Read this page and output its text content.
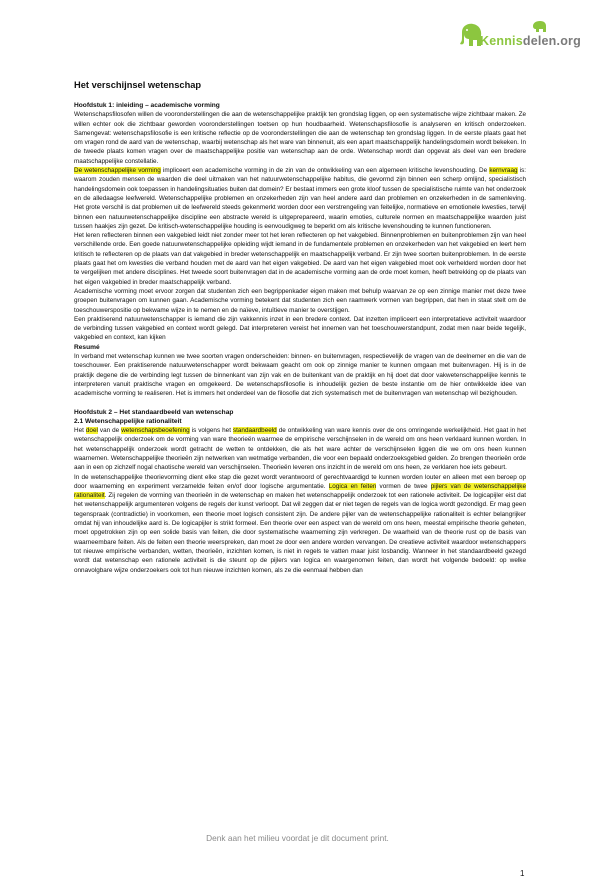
Kennisdelen.org
Het verschijnsel wetenschap
Hoofdstuk 1: inleiding – academische vorming

Wetenschapsfilosofen willen de vooronderstellingen die aan de wetenschappelijke praktijk ten grondslag liggen, op een systematische wijze zichtbaar maken. Ze willen echter ook die zichtbaar geworden vooronderstellingen toetsen op hun houdbaarheid. Wetenschapsfilosofie is analyseren en kritisch onderzoeken. Samengevat: wetenschapsfilosofie is een kritische reflectie op de vooronderstellingen die aan de wetenschap ten grondslag liggen. In de eerste plaats gaat het om vragen rond de aard van de wetenschap, waarbij wetenschap als het ware van binnenuit, als een apart maatschappelijk handelingsdomein wordt bekeken. In de tweede plaats komen vragen over de maatschappelijke positie van wetenschap aan de orde. Wetenschap wordt dan opgevat als deel van een bredere maatschappelijke constellatie.

De wetenschappelijke vorming impliceert een academische vorming in de zin van de ontwikkeling van een algemeen kritische levenshouding. De kernvraag is: waarom zouden mensen de waarden die deel uitmaken van het natuurwetenschappelijke habitus, die gevormd zijn binnen een scherp omlijnd, specialistisch handelingsdomein ook toepassen in handelingsituaties buiten dat domein? Er bestaat immers een grote kloof tussen de specialistische ruimte van het onderzoek en de alledaagse leefwereld. Wetenschappelijke problemen en onzekerheden zijn van heel andere aard dan problemen en onzekerheden in de samenleving. Het grote verschil is dat problemen uit de leefwereld steeds gekenmerkt worden door een verstrengeling van feitelijke, normatieve en emotionele kwesties, terwijl binnen een natuurwetenschappelijke discipline een abstracte wereld is uitgeprepareerd, waarin emoties, culturele normen en maatschappelijke waarden juist tussen haakjes zijn gezet. De kritisch-wetenschappelijke houding is eenvoudigweg te beperkt om als kritische levenshouding te kunnen functioneren.

Het leren reflecteren binnen een vakgebied leidt niet zonder meer tot het leren reflecteren op het vakgebied. Binnenproblemen en buitenproblemen zijn van heel verschillende orde. Een goede natuurwetenschappelijke opleiding wijdt iemand in de fundamentele problemen en onzekerheden van het vakgebied en leert hem kritisch te reflecteren op de plaats van dat vakgebied in breder wetenschappelijk en maatschappelijk verband. Er zijn twee soorten buitenproblemen. In de eerste plaats gaat het om kwesties die verband houden met de aard van het eigen vakgebied. De aard van het eigen vakgebied moet ook verhelderd worden door het te vergelijken met andere disciplines. Het tweede soort buitenvragen dat in de academische vorming aan de orde moet komen, heeft betrekking op de plaats van het eigen vakgebied in breder maatschappelijk verband.

Academische vorming moet ervoor zorgen dat studenten zich een begrippenkader eigen maken met behulp waarvan ze op een zinnige manier met deze twee groepen buitenvragen om kunnen gaan. Academische vorming betekent dat studenten zich een raamwerk vormen van begrippen, dat hen in staat stelt om de toeschouwerspositie op bekwame wijze in te nemen en de naïeve, intuïtieve manier te overstijgen.

Een praktiserend natuurwetenschapper is iemand die zijn vakkennis inzet in een bredere context. Dat inzetten impliceert een interpretatieve activiteit waardoor de verbinding tussen vakgebied en context wordt gelegd. Dat interpreteren vereist het innemen van het toeschouwerstandpunt, zodat men naar beide tegelijk, vakgebied en context, kan kijken

Resumé

In verband met wetenschap kunnen we twee soorten vragen onderscheiden: binnen- en buitenvragen, respectievelijk de vragen van de deelnemer en die van de toeschouwer. Een praktiserende natuurwetenschapper wordt bekwaam geacht om ook op zinnige manier te kunnen omgaan met buitenvragen. Hij is in de praktijk degene die de verbinding legt tussen de binnenkant van zijn vak en de buitenkant van de praktijk en hij doet dat door vakwetenschappelijke kennis te interpreteren vanuit praktische vragen en omgekeerd. De wetenschapsfilosofie is inhoudelijk gezien de beste instantie om de hier ontwikkelde idee van academische vorming te realiseren. Het is immers het onderdeel van de filosofie dat zich systematisch met de buitenvragen van wetenschap wil bezighouden.

Hoofdstuk 2 – Het standaardbeeld van wetenschap
2.1 Wetenschappelijke rationaliteit

Het doel van de wetenschapsbeoefening is volgens het standaardbeeld de ontwikkeling van ware kennis over de ons omringende werkelijkheid. Het gaat in het wetenschappelijk onderzoek om de vorming van ware theorieën waarmee de empirische verschijnselen in de wereld om ons heen verklaard kunnen worden. In het wetenschappelijk onderzoek wordt getracht de wetten te ontdekken, die als het ware achter de verschijnselen liggen die we om ons heen kunnen waarnemen. Wetenschappelijke theorieën zijn netwerken van wetmatige verbanden, die voor een bepaald onderzoeksgebied gelden. Zo brengen theorieën orde aan in een op zichzelf nogal chaotische wereld van verschijnselen. Theorieën leveren ons inzicht in de wereld om ons heen, ze verklaren hoe iets gebeurt.

In de wetenschappelijke theorievorming dient elke stap die gezet wordt verantwoord of gerechtvaardigd te kunnen worden louter en alleen met een beroep op door waarneming en experiment verzamelde feiten en/of door logische argumentatie. Logica en feiten vormen de twee pijlers van de wetenschappelijke rationaliteit. Zij regelen de vorming van theorieën in de wetenschap en maken het wetenschappelijk onderzoek tot een rationele activiteit. De logicapijler eist dat het wetenschappelijk argumenteren volgens de regels der kunst verloopt. Dat wil zeggen dat er niet tegen de regels van de logica wordt gezondigd. Er mag geen tegenspraak (contradictie) in voorkomen, een theorie moet logisch consistent zijn. De andere pijler van de wetenschappelijke rationaliteit is echter belangrijker omdat hij van inhoudelijke aard is. De logicapijler is strikt formeel. Een theorie over een aspect van de wereld om ons heen, meestal empirische theorie geheten, moet opgetrokken zijn op een solide basis van feiten, die door systematische waarneming zijn verkregen. De waarheid van de theorie rust op de basis van waarneembare feiten. Als de feiten een theorie weerspreken, dan moet ze door een andere worden vervangen. De creatieve activiteit waardoor wetenschappers tot nieuwe empirische verbanden, wetten, theorieën, inzichten komen, is niet in regels te vatten maar juist losbandig. Wanneer in het standaardbeeld gezegd wordt dat wetenschap een rationele activiteit is die steunt op de pijlers van logica en waargenomen feiten, dan wordt het volgende bedoeld: op welke onnavolgbare wijze onderzoekers ook tot hun nieuwe inzichten komen, als ze die eenmaal hebben dan

Denk aan het milieu voordat je dit document print.
1
